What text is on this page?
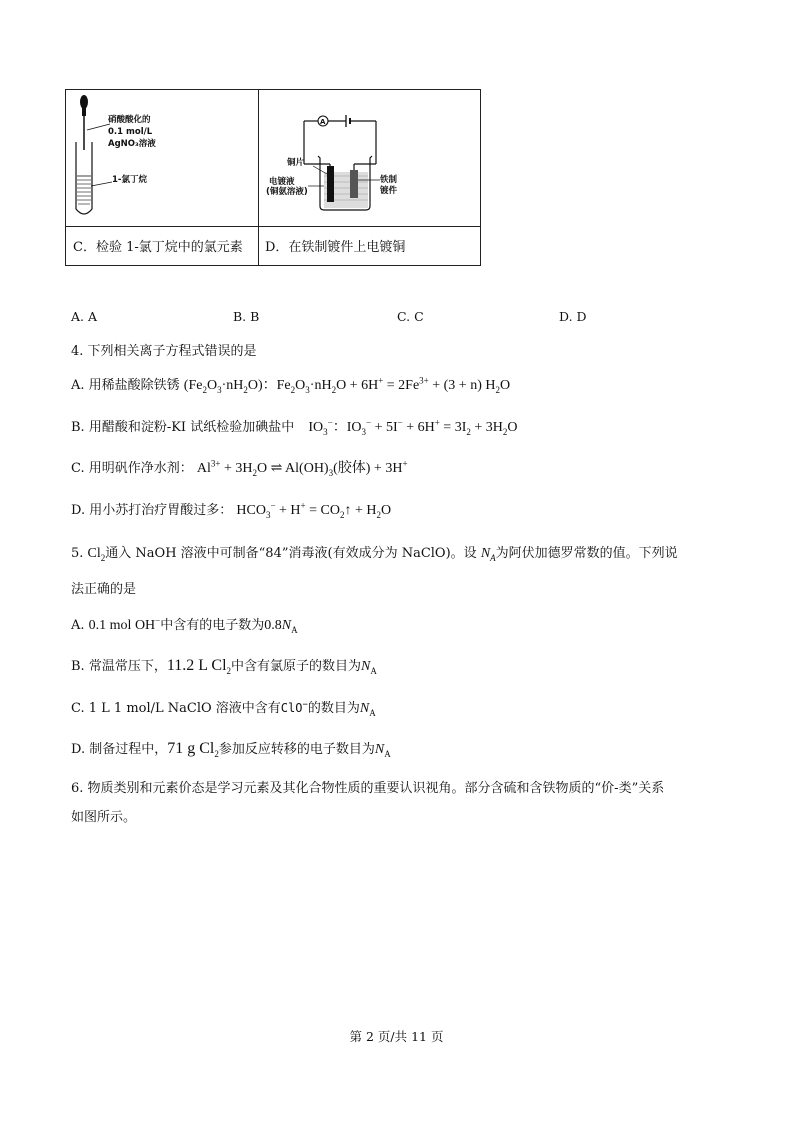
硝酸酸化的
0.1 mol/L
AgNO₃溶液
1-氯丁烷
A
铜片
电镀液
(铜氨溶液)
铁制
镀件
C．检验 1-氯丁烷中的氯元素 D．在铁制镀件上电镀铜
A. A	B. B	C. C	D. D
4. 下列相关离子方程式错误的是
A. 用稀盐酸除铁锈 $(Fe_2O_3\cdot nH_2O)$：$Fe_2O_3\cdot nH_2O + 6H^+ = 2Fe^{3+} + (3 + n)$ $H_2O$
B. 用醋酸和淀粉-KI 试纸检验加碘盐中 $IO_3^-$：$IO_3^- + 5I^- + 6H^+ = 3I_2 + 3H_2O$
C. 用明矾作净水剂： $Al^{3+} + 3H_2O$ ⇌ $Al(OH)_3$(胶体) + 3H+
D. 用小苏打治疗胃酸过多： $HCO_3^- + H^+$ = $CO_2↑ + H_2O$
5. $Cl_2$通入 NaOH 溶液中可制备“84”消毒液(有效成分为 NaClO)。设 $N_A$为阿伏加德罗常数的值。下列说
法正确的是
A. 0.1 mol OH−中含有的电子数为$0.8N_A$
B. 常温常压下，11.2 L $Cl_2$中含有氯原子的数目为$N_A$
C. 1 L 1 mol/L NaClO 溶液中含有ClO−的数目为$N_A$
D. 制备过程中，71 g $Cl_2$参加反应转移的电子数目为$N_A$
6. 物质类别和元素价态是学习元素及其化合物性质的重要认识视角。部分含硫和含铁物质的“价-类”关系
如图所示。
第 2 页/共 11 页
